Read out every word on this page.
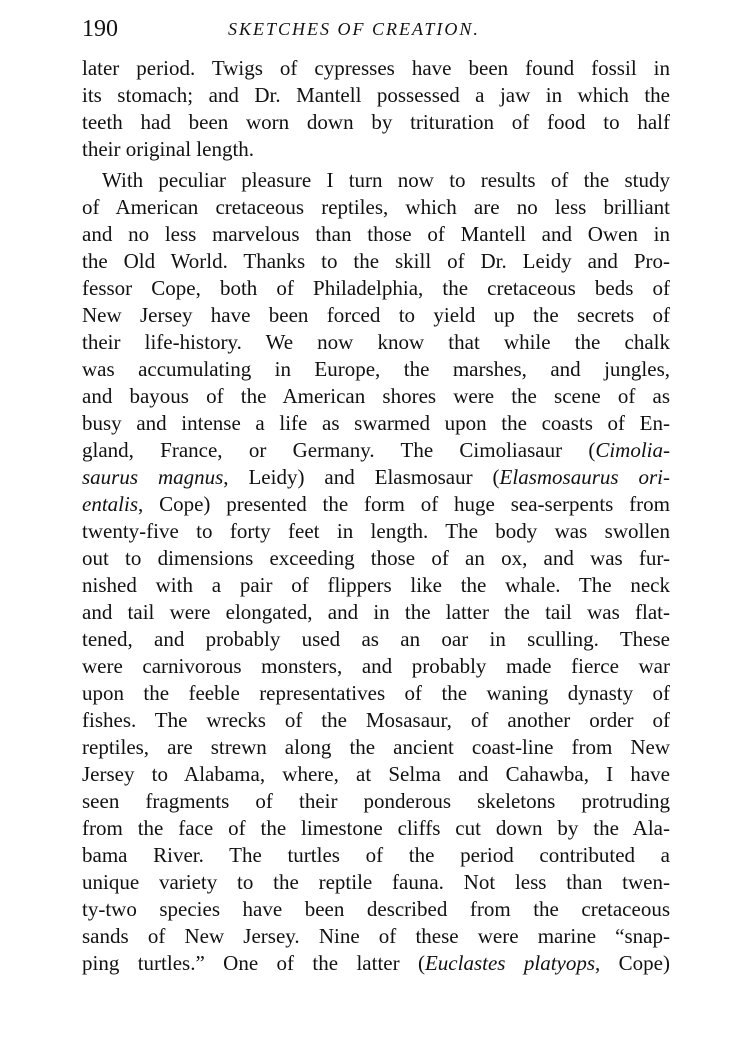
190	SKETCHES OF CREATION.
later period. Twigs of cypresses have been found fossil in
its stomach; and Dr. Mantell possessed a jaw in which the
teeth had been worn down by trituration of food to half
their original length.
With peculiar pleasure I turn now to results of the study
of American cretaceous reptiles, which are no less brilliant
and no less marvelous than those of Mantell and Owen in
the Old World. Thanks to the skill of Dr. Leidy and Pro-
fessor Cope, both of Philadelphia, the cretaceous beds of
New Jersey have been forced to yield up the secrets of
their life-history. We now know that while the chalk
was accumulating in Europe, the marshes, and jungles,
and bayous of the American shores were the scene of as
busy and intense a life as swarmed upon the coasts of En-
gland, France, or Germany. The Cimoliasaur (Cimolia-
saurus magnus, Leidy) and Elasmosaur (Elasmosaurus ori-
entalis, Cope) presented the form of huge sea-serpents from
twenty-five to forty feet in length. The body was swollen
out to dimensions exceeding those of an ox, and was fur-
nished with a pair of flippers like the whale. The neck
and tail were elongated, and in the latter the tail was flat-
tened, and probably used as an oar in sculling. These
were carnivorous monsters, and probably made fierce war
upon the feeble representatives of the waning dynasty of
fishes. The wrecks of the Mosasaur, of another order of
reptiles, are strewn along the ancient coast-line from New
Jersey to Alabama, where, at Selma and Cahawba, I have
seen fragments of their ponderous skeletons protruding
from the face of the limestone cliffs cut down by the Ala-
bama River. The turtles of the period contributed a
unique variety to the reptile fauna. Not less than twen-
ty-two species have been described from the cretaceous
sands of New Jersey. Nine of these were marine “snap-
ping turtles.” One of the latter (Euclastes platyops, Cope)
